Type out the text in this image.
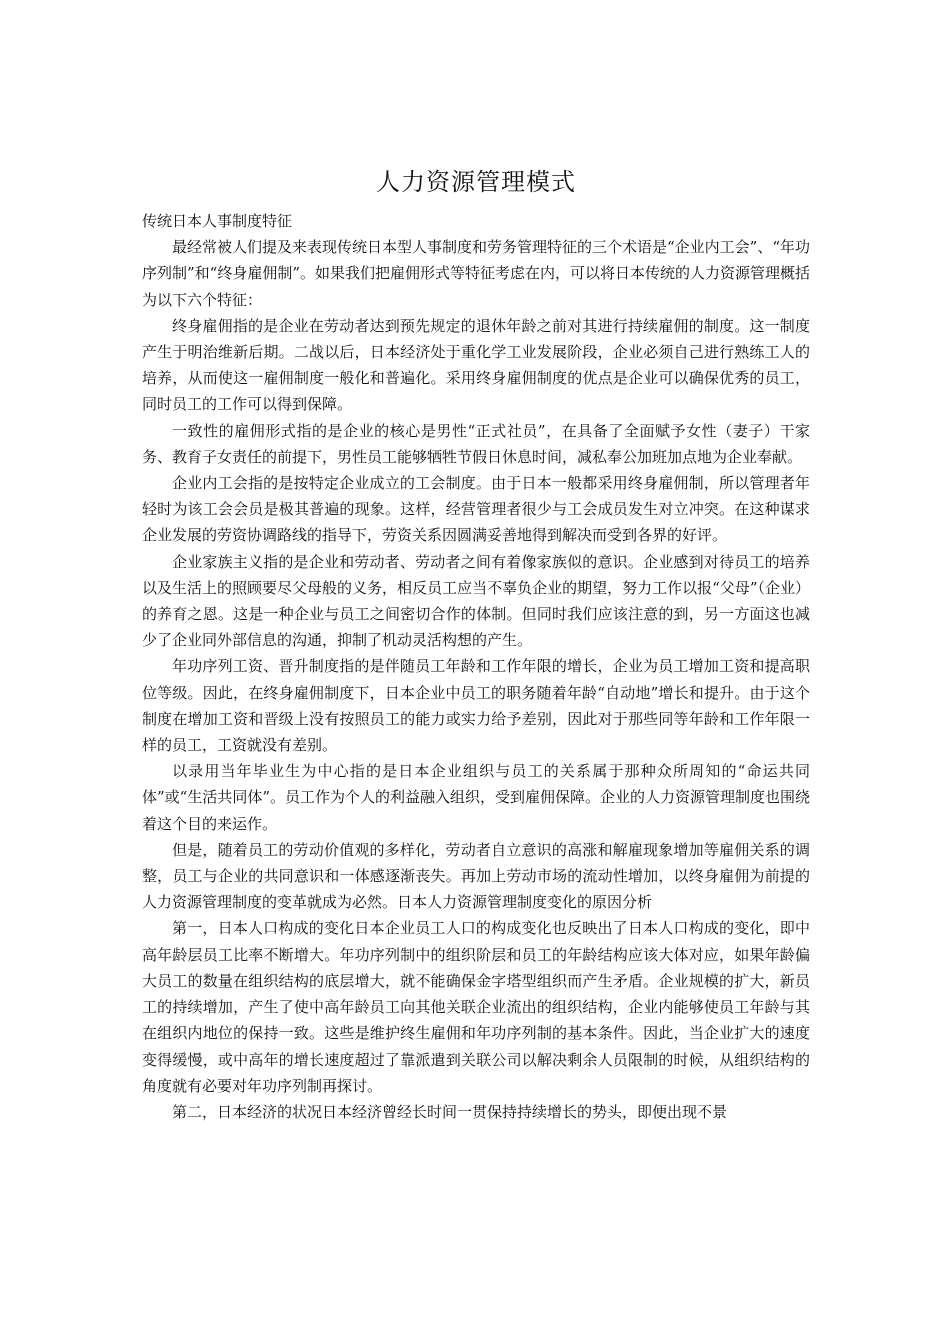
人力资源管理模式
传统日本人事制度特征

最经常被人们提及来表现传统日本型人事制度和劳务管理特征的三个术语是“企业内工会”、“年功序列制”和“终身雇佣制”。如果我们把雇佣形式等特征考虑在内，可以将日本传统的人力资源管理概括为以下六个特征：

终身雇佣指的是企业在劳动者达到预先规定的退休年龄之前对其进行持续雇佣的制度。这一制度产生于明治维新后期。二战以后，日本经济处于重化学工业发展阶段，企业必须自己进行熟练工人的培养，从而使这一雇佣制度一般化和普遍化。采用终身雇佣制度的优点是企业可以确保优秀的员工，同时员工的工作可以得到保障。

一致性的雇佣形式指的是企业的核心是男性“正式社员”，在具备了全面赋予女性（妻子）干家务、教育子女责任的前提下，男性员工能够牺牲节假日休息时间，减私奉公加班加点地为企业奉献。

企业内工会指的是按特定企业成立的工会制度。由于日本一般都采用终身雇佣制，所以管理者年轻时为该工会会员是极其普遍的现象。这样，经营管理者很少与工会成员发生对立冲突。在这种谋求企业发展的劳资协调路线的指导下，劳资关系因圆满妥善地得到解决而受到各界的好评。

企业家族主义指的是企业和劳动者、劳动者之间有着像家族似的意识。企业感到对待员工的培养以及生活上的照顾要尽父母般的义务，相反员工应当不辜负企业的期望，努力工作以报“父母”（企业）的养育之恩。这是一种企业与员工之间密切合作的体制。但同时我们应该注意的到，另一方面这也减少了企业同外部信息的沟通，抑制了机动灵活构想的产生。

年功序列工资、晋升制度指的是伴随员工年龄和工作年限的增长，企业为员工增加工资和提高职位等级。因此，在终身雇佣制度下，日本企业中员工的职务随着年龄“自动地”增长和提升。由于这个制度在增加工资和晋级上没有按照员工的能力或实力给予差别，因此对于那些同等年龄和工作年限一样的员工，工资就没有差别。

以录用当年毕业生为中心指的是日本企业组织与员工的关系属于那种众所周知的“命运共同体”或“生活共同体”。员工作为个人的利益融入组织，受到雇佣保障。企业的人力资源管理制度也围绕着这个目的来运作。

但是，随着员工的劳动价值观的多样化，劳动者自立意识的高涨和解雇现象增加等雇佣关系的调整，员工与企业的共同意识和一体感逐渐丧失。再加上劳动市场的流动性增加，以终身雇佣为前提的人力资源管理制度的变革就成为必然。日本人力资源管理制度变化的原因分析

第一，日本人口构成的变化日本企业员工人口的构成变化也反映出了日本人口构成的变化，即中高年龄层员工比率不断增大。年功序列制中的组织阶层和员工的年龄结构应该大体对应，如果年龄偏大员工的数量在组织结构的底层增大，就不能确保金字塔型组织而产生矛盾。企业规模的扩大，新员工的持续增加，产生了使中高年龄员工向其他关联企业流出的组织结构，企业内能够使员工年龄与其在组织内地位的保持一致。这些是维护终生雇佣和年功序列制的基本条件。因此，当企业扩大的速度变得缓慢，或中高年的增长速度超过了靠派遣到关联公司以解决剩余人员限制的时候，从组织结构的角度就有必要对年功序列制再探讨。

第二，日本经济的状况日本经济曾经长时间一贯保持持续增长的势头，即便出现不景
